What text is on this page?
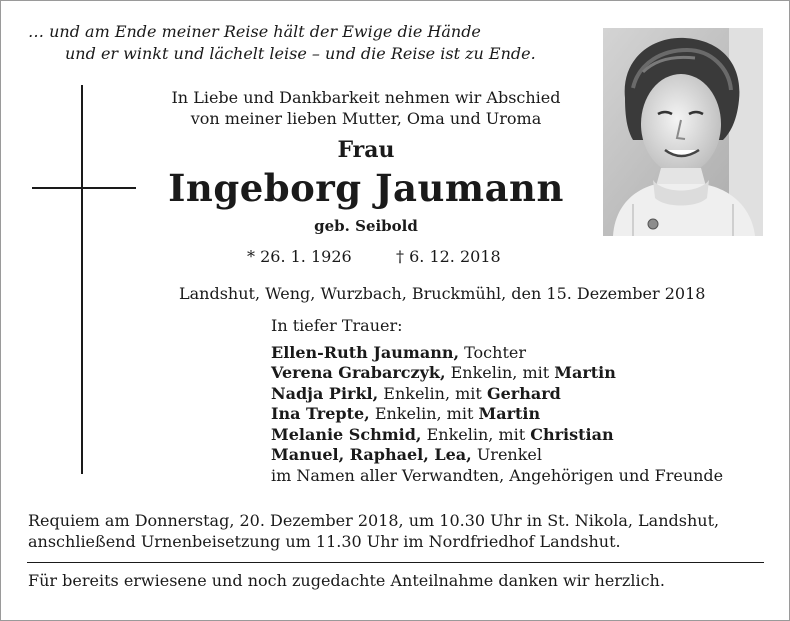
… und am Ende meiner Reise hält der Ewige die Hände
und er winkt und lächelt leise – und die Reise ist zu Ende.
In Liebe und Dankbarkeit nehmen wir Abschied
von meiner lieben Mutter, Oma und Uroma
Frau
Ingeborg Jaumann
geb. Seibold
* 26. 1. 1926	† 6. 12. 2018
Landshut, Weng, Wurzbach, Bruckmühl, den 15. Dezember 2018
In tiefer Trauer:
Ellen-Ruth Jaumann, Tochter
Verena Grabarczyk, Enkelin, mit Martin
Nadja Pirkl, Enkelin, mit Gerhard
Ina Trepte, Enkelin, mit Martin
Melanie Schmid, Enkelin, mit Christian
Manuel, Raphael, Lea, Urenkel
im Namen aller Verwandten, Angehörigen und Freunde
Requiem am Donnerstag, 20. Dezember 2018, um 10.30 Uhr in St. Nikola, Landshut,
anschließend Urnenbeisetzung um 11.30 Uhr im Nordfriedhof Landshut.
Für bereits erwiesene und noch zugedachte Anteilnahme danken wir herzlich.
